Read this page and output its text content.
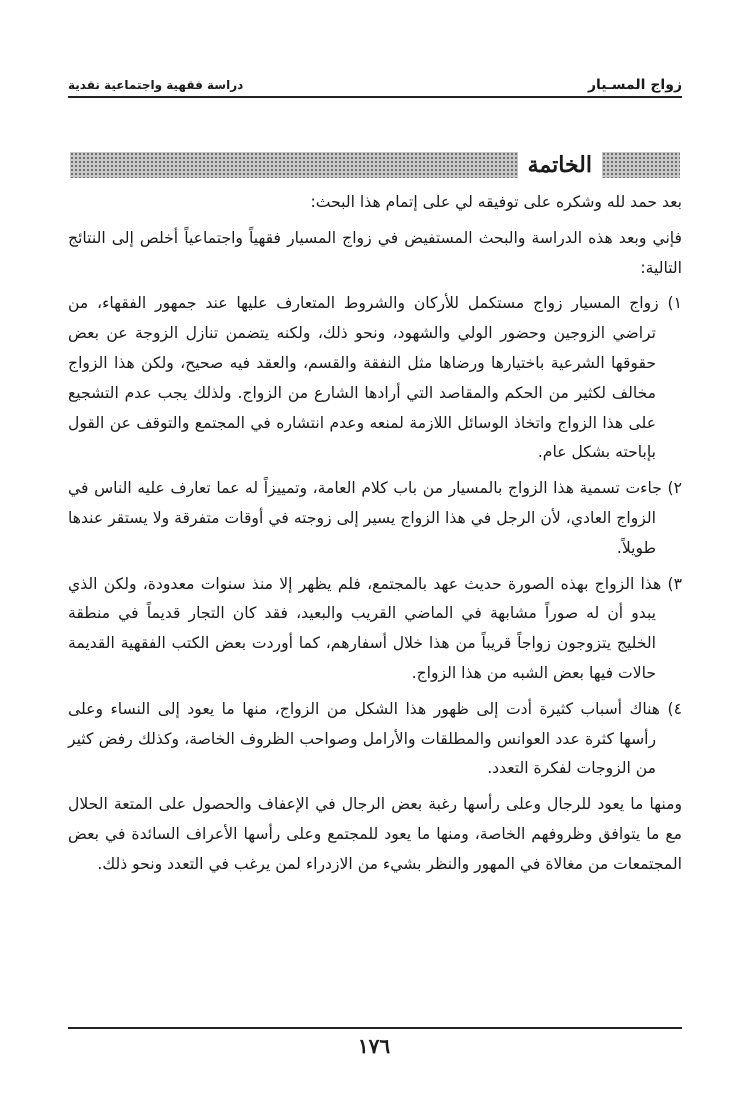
زواج المسـيار
دراسة فقهية واجتماعية نقدية
الخاتمة

بعد حمد لله وشكره على توفيقه لي على إتمام هذا البحث:

فإني وبعد هذه الدراسة والبحث المستفيض في زواج المسيار فقهياً واجتماعياً أخلص إلى النتائج التالية:

١) زواج المسيار زواج مستكمل للأركان والشروط المتعارف عليها عند جمهور الفقهاء، من تراضي الزوجين وحضور الولي والشهود، ونحو ذلك، ولكنه يتضمن تنازل الزوجة عن بعض حقوقها الشرعية باختيارها ورضاها مثل النفقة والقسم، والعقد فيه صحيح، ولكن هذا الزواج مخالف لكثير من الحكم والمقاصد التي أرادها الشارع من الزواج. ولذلك يجب عدم التشجيع على هذا الزواج واتخاذ الوسائل اللازمة لمنعه وعدم انتشاره في المجتمع والتوقف عن القول بإباحته بشكل عام.

٢) جاءت تسمية هذا الزواج بالمسيار من باب كلام العامة، وتمييزاً له عما تعارف عليه الناس في الزواج العادي، لأن الرجل في هذا الزواج يسير إلى زوجته في أوقات متفرقة ولا يستقر عندها طويلاً.

٣) هذا الزواج بهذه الصورة حديث عهد بالمجتمع، فلم يظهر إلا منذ سنوات معدودة، ولكن الذي يبدو أن له صوراً مشابهة في الماضي القريب والبعيد، فقد كان التجار قديماً في منطقة الخليج يتزوجون زواجاً قريباً من هذا خلال أسفارهم، كما أوردت بعض الكتب الفقهية القديمة حالات فيها بعض الشبه من هذا الزواج.

٤) هناك أسباب كثيرة أدت إلى ظهور هذا الشكل من الزواج، منها ما يعود إلى النساء وعلى رأسها كثرة عدد العوانس والمطلقات والأرامل وصواحب الظروف الخاصة، وكذلك رفض كثير من الزوجات لفكرة التعدد.

ومنها ما يعود للرجال وعلى رأسها رغبة بعض الرجال في الإعفاف والحصول على المتعة الحلال مع ما يتوافق وظروفهم الخاصة، ومنها ما يعود للمجتمع وعلى رأسها الأعراف السائدة في بعض المجتمعات من مغالاة في المهور والنظر بشيء من الازدراء لمن يرغب في التعدد ونحو ذلك.

١٧٦
